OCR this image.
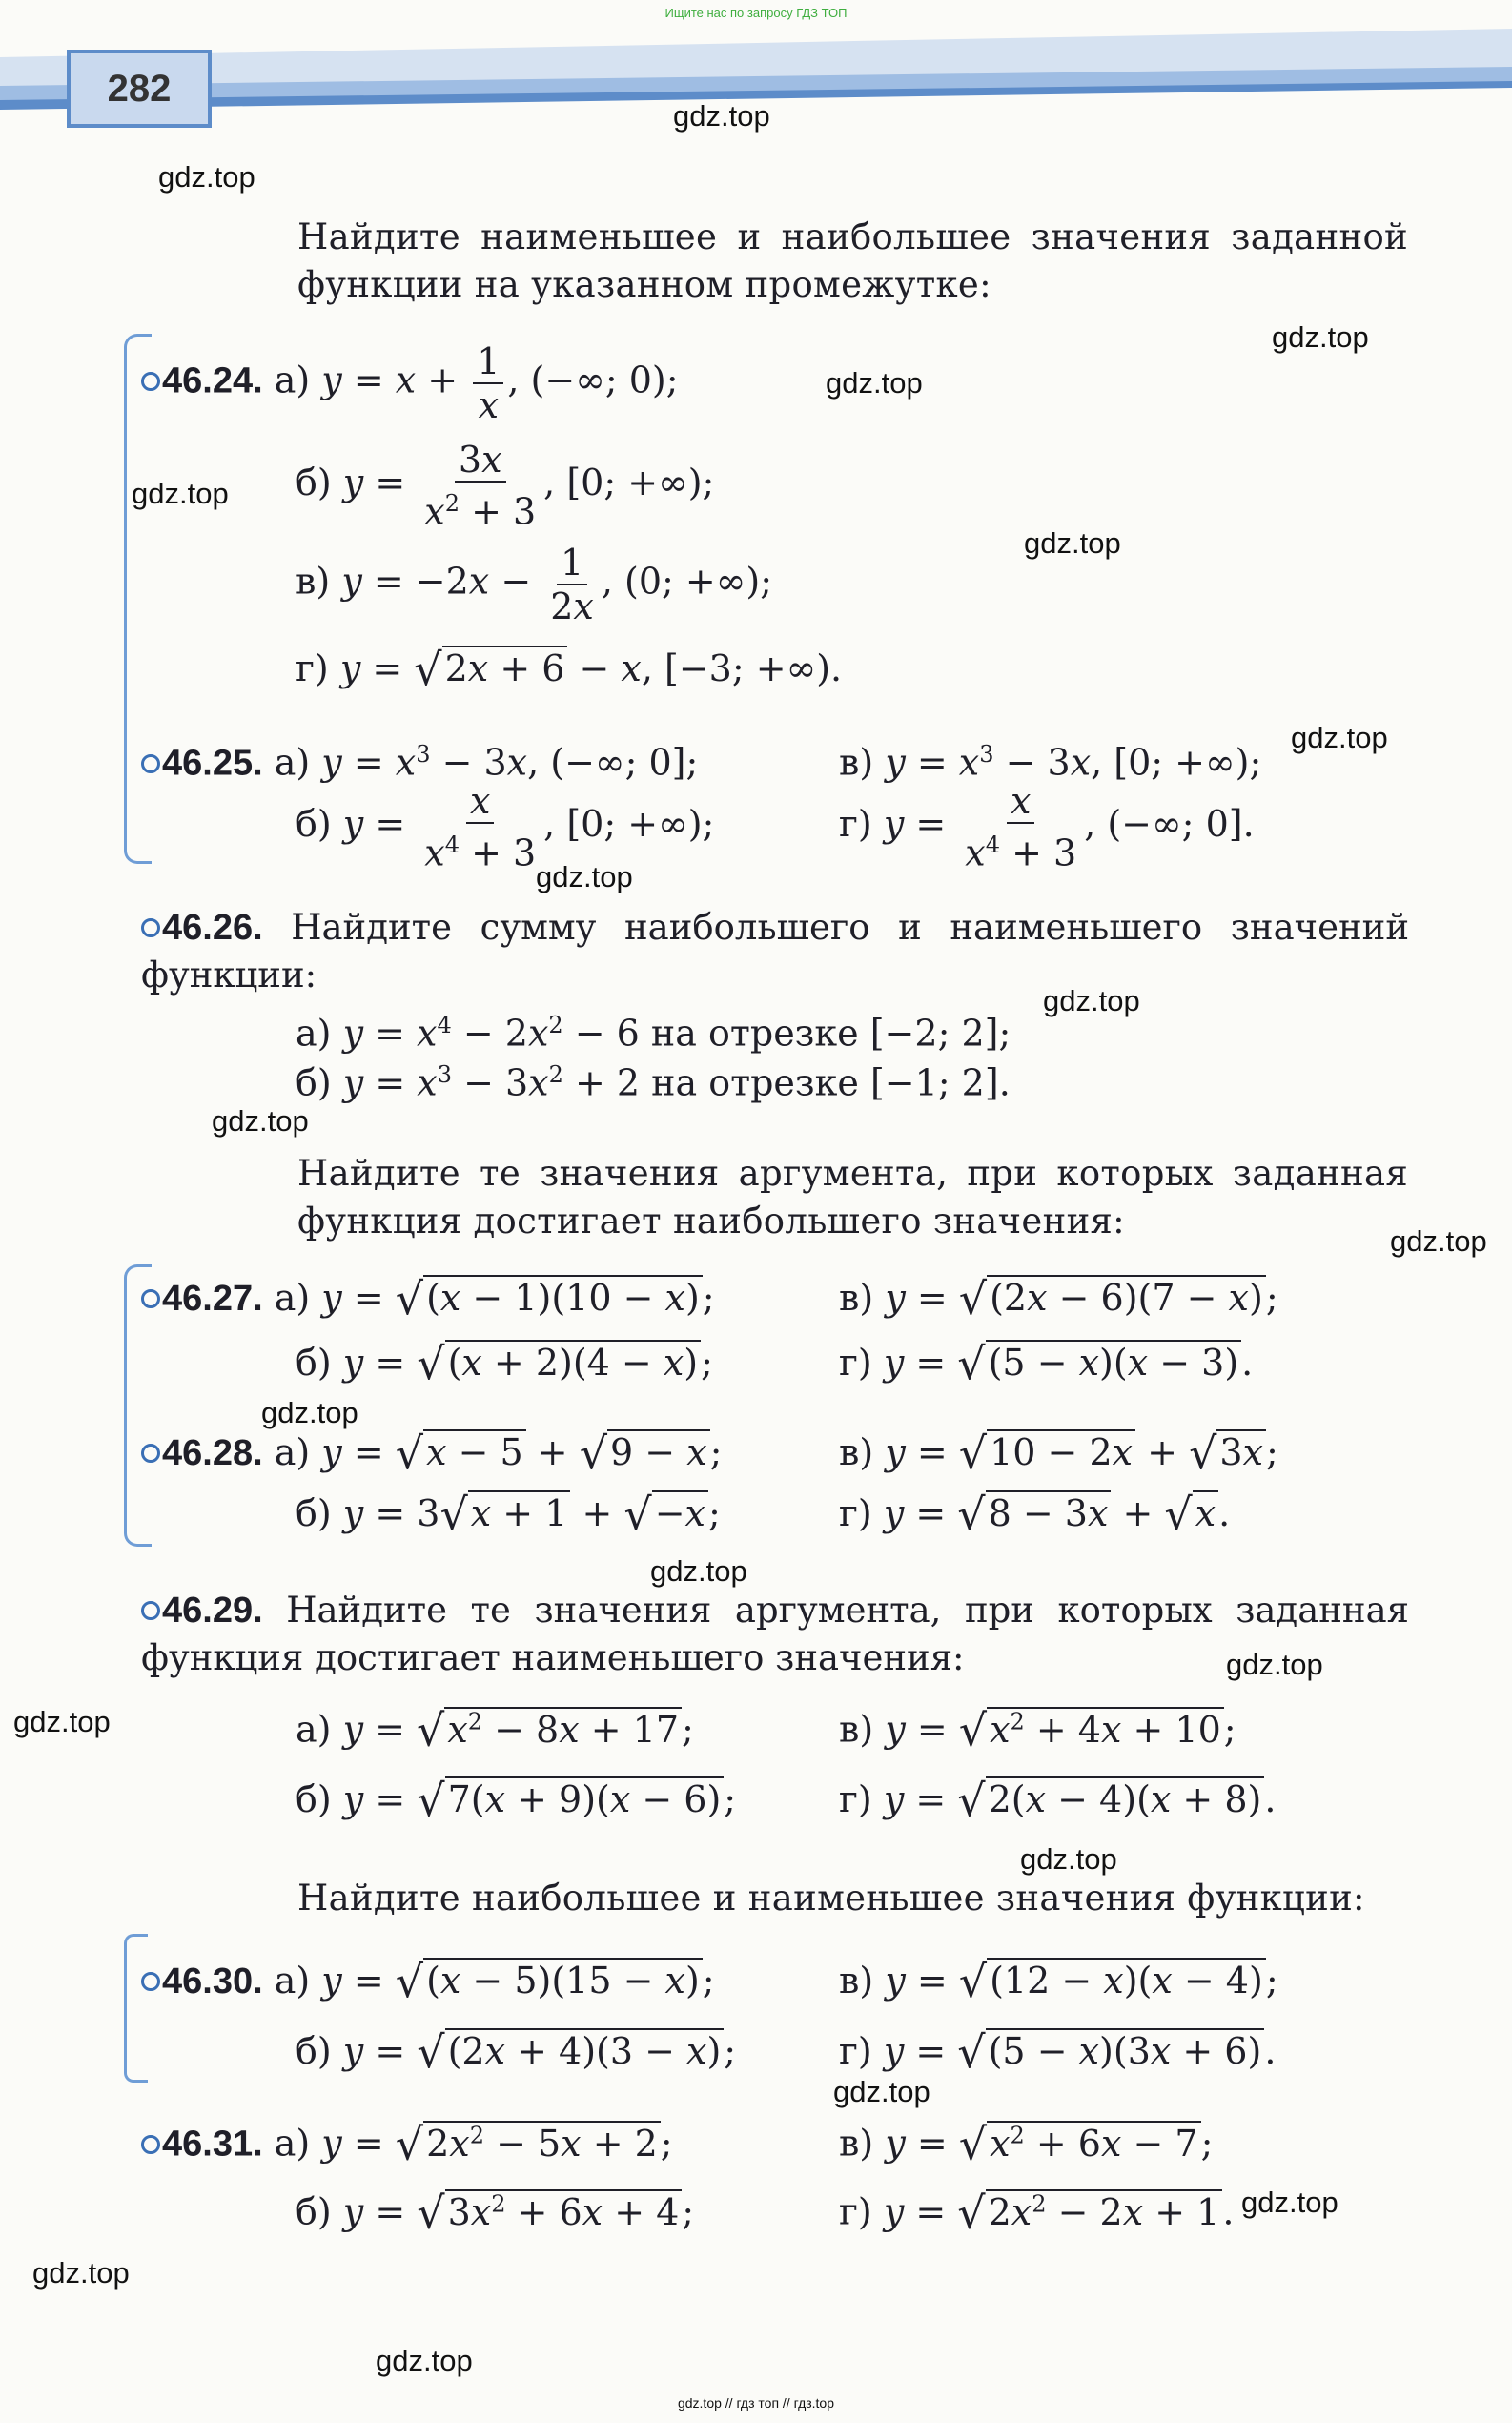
Ищите нас по запросу ГДЗ ТОП
282
gdz.top
gdz.top
gdz.top
gdz.top
gdz.top
gdz.top
gdz.top
gdz.top
gdz.top
gdz.top
gdz.top
gdz.top
gdz.top
gdz.top
gdz.top
gdz.top
gdz.top
gdz.top
gdz.top
gdz.top
Найдите наименьшее и наибольшее значения заданной функции на указанном промежутке:
46.24. а) $y = x + \frac{1}{x}$ , (−∞; 0);
б) $y = \frac{3x}{x^2 + 3}$ , [0; +∞);
в) $y = -2x - \frac{1}{2x}$ , (0; +∞);
г) y = √2x + 6 − x, [−3; +∞).
46.25. а) $y = x^3 - 3x$, (−∞; 0];	в) $y = x^3 - 3x$, [0; +∞);
б) $y = \frac{x}{x^4 + 3}$ , [0; +∞);	г) $y = \frac{x}{x^4 + 3}$ , (−∞; 0].
46.26. Найдите сумму наибольшего и наименьшего значений функции:
а) $y = x^4 - 2x^2 - 6$ на отрезке [−2; 2];
б) $y = x^3 - 3x^2 + 2$ на отрезке [−1; 2].
Найдите те значения аргумента, при которых заданная функция достигает наибольшего значения:
46.27. а) y = √(x − 1)(10 − x);	в) y = √(2x − 6)(7 − x);
б) y = √(x + 2)(4 − x);	г) y = √(5 − x)(x − 3).
46.28. а) y = √x − 5 + √9 − x;	в) y = √10 − 2x + √3x;
б) y = 3√x + 1 + √−x;	г) y = √8 − 3x + √x.
46.29. Найдите те значения аргумента, при которых заданная функция достигает наименьшего значения:
а) $y = √x^2 - 8x + 17$;	в) $y = √x^2 + 4x + 10$;
б) y = √7(x + 9)(x − 6);	г) y = √2(x − 4)(x + 8).
Найдите наибольшее и наименьшее значения функции:
46.30. а) y = √(x − 5)(15 − x);	в) y = √(12 − x)(x − 4);
б) y = √(2x + 4)(3 − x);	г) y = √(5 − x)(3x + 6).
46.31. а) $y = √2x^2 - 5x + 2$;	в) $y = √x^2 + 6x - 7$;
б) $y = √3x^2 + 6x + 4$;	г) $y = √2x^2 - 2x + 1$.
gdz.top // гдз топ // гдз.top
